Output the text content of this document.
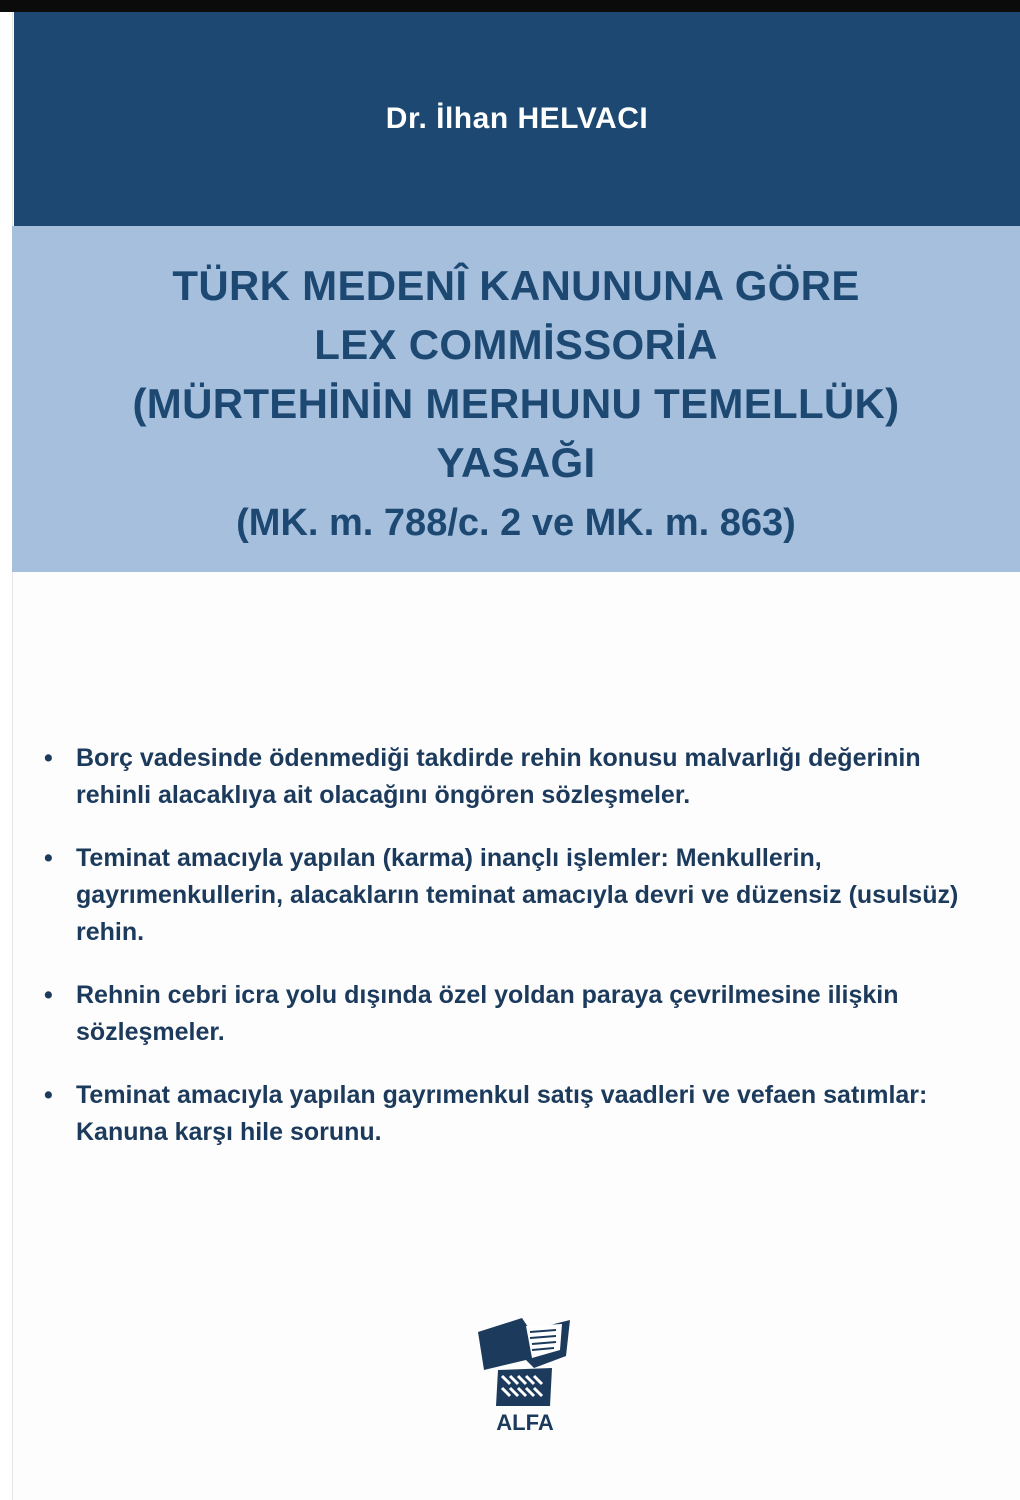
Dr. İlhan HELVACI
TÜRK MEDENÎ KANUNUNA GÖRE
LEX COMMİSSORİA
(MÜRTEHİNİN MERHUNU TEMELLÜK)
YASAĞI
(MK. m. 788/c. 2 ve MK. m. 863)
• Borç vadesinde ödenmediği takdirde rehin konusu malvarlığı değerinin rehinli alacaklıya ait olacağını öngören sözleşmeler.
• Teminat amacıyla yapılan (karma) inançlı işlemler: Menkullerin, gayrımenkullerin, alacakların teminat amacıyla devri ve düzensiz (usulsüz) rehin.
• Rehnin cebri icra yolu dışında özel yoldan paraya çevrilmesine ilişkin sözleşmeler.
• Teminat amacıyla yapılan gayrımenkul satış vaadleri ve vefaen satımlar: Kanuna karşı hile sorunu.
ALFA
